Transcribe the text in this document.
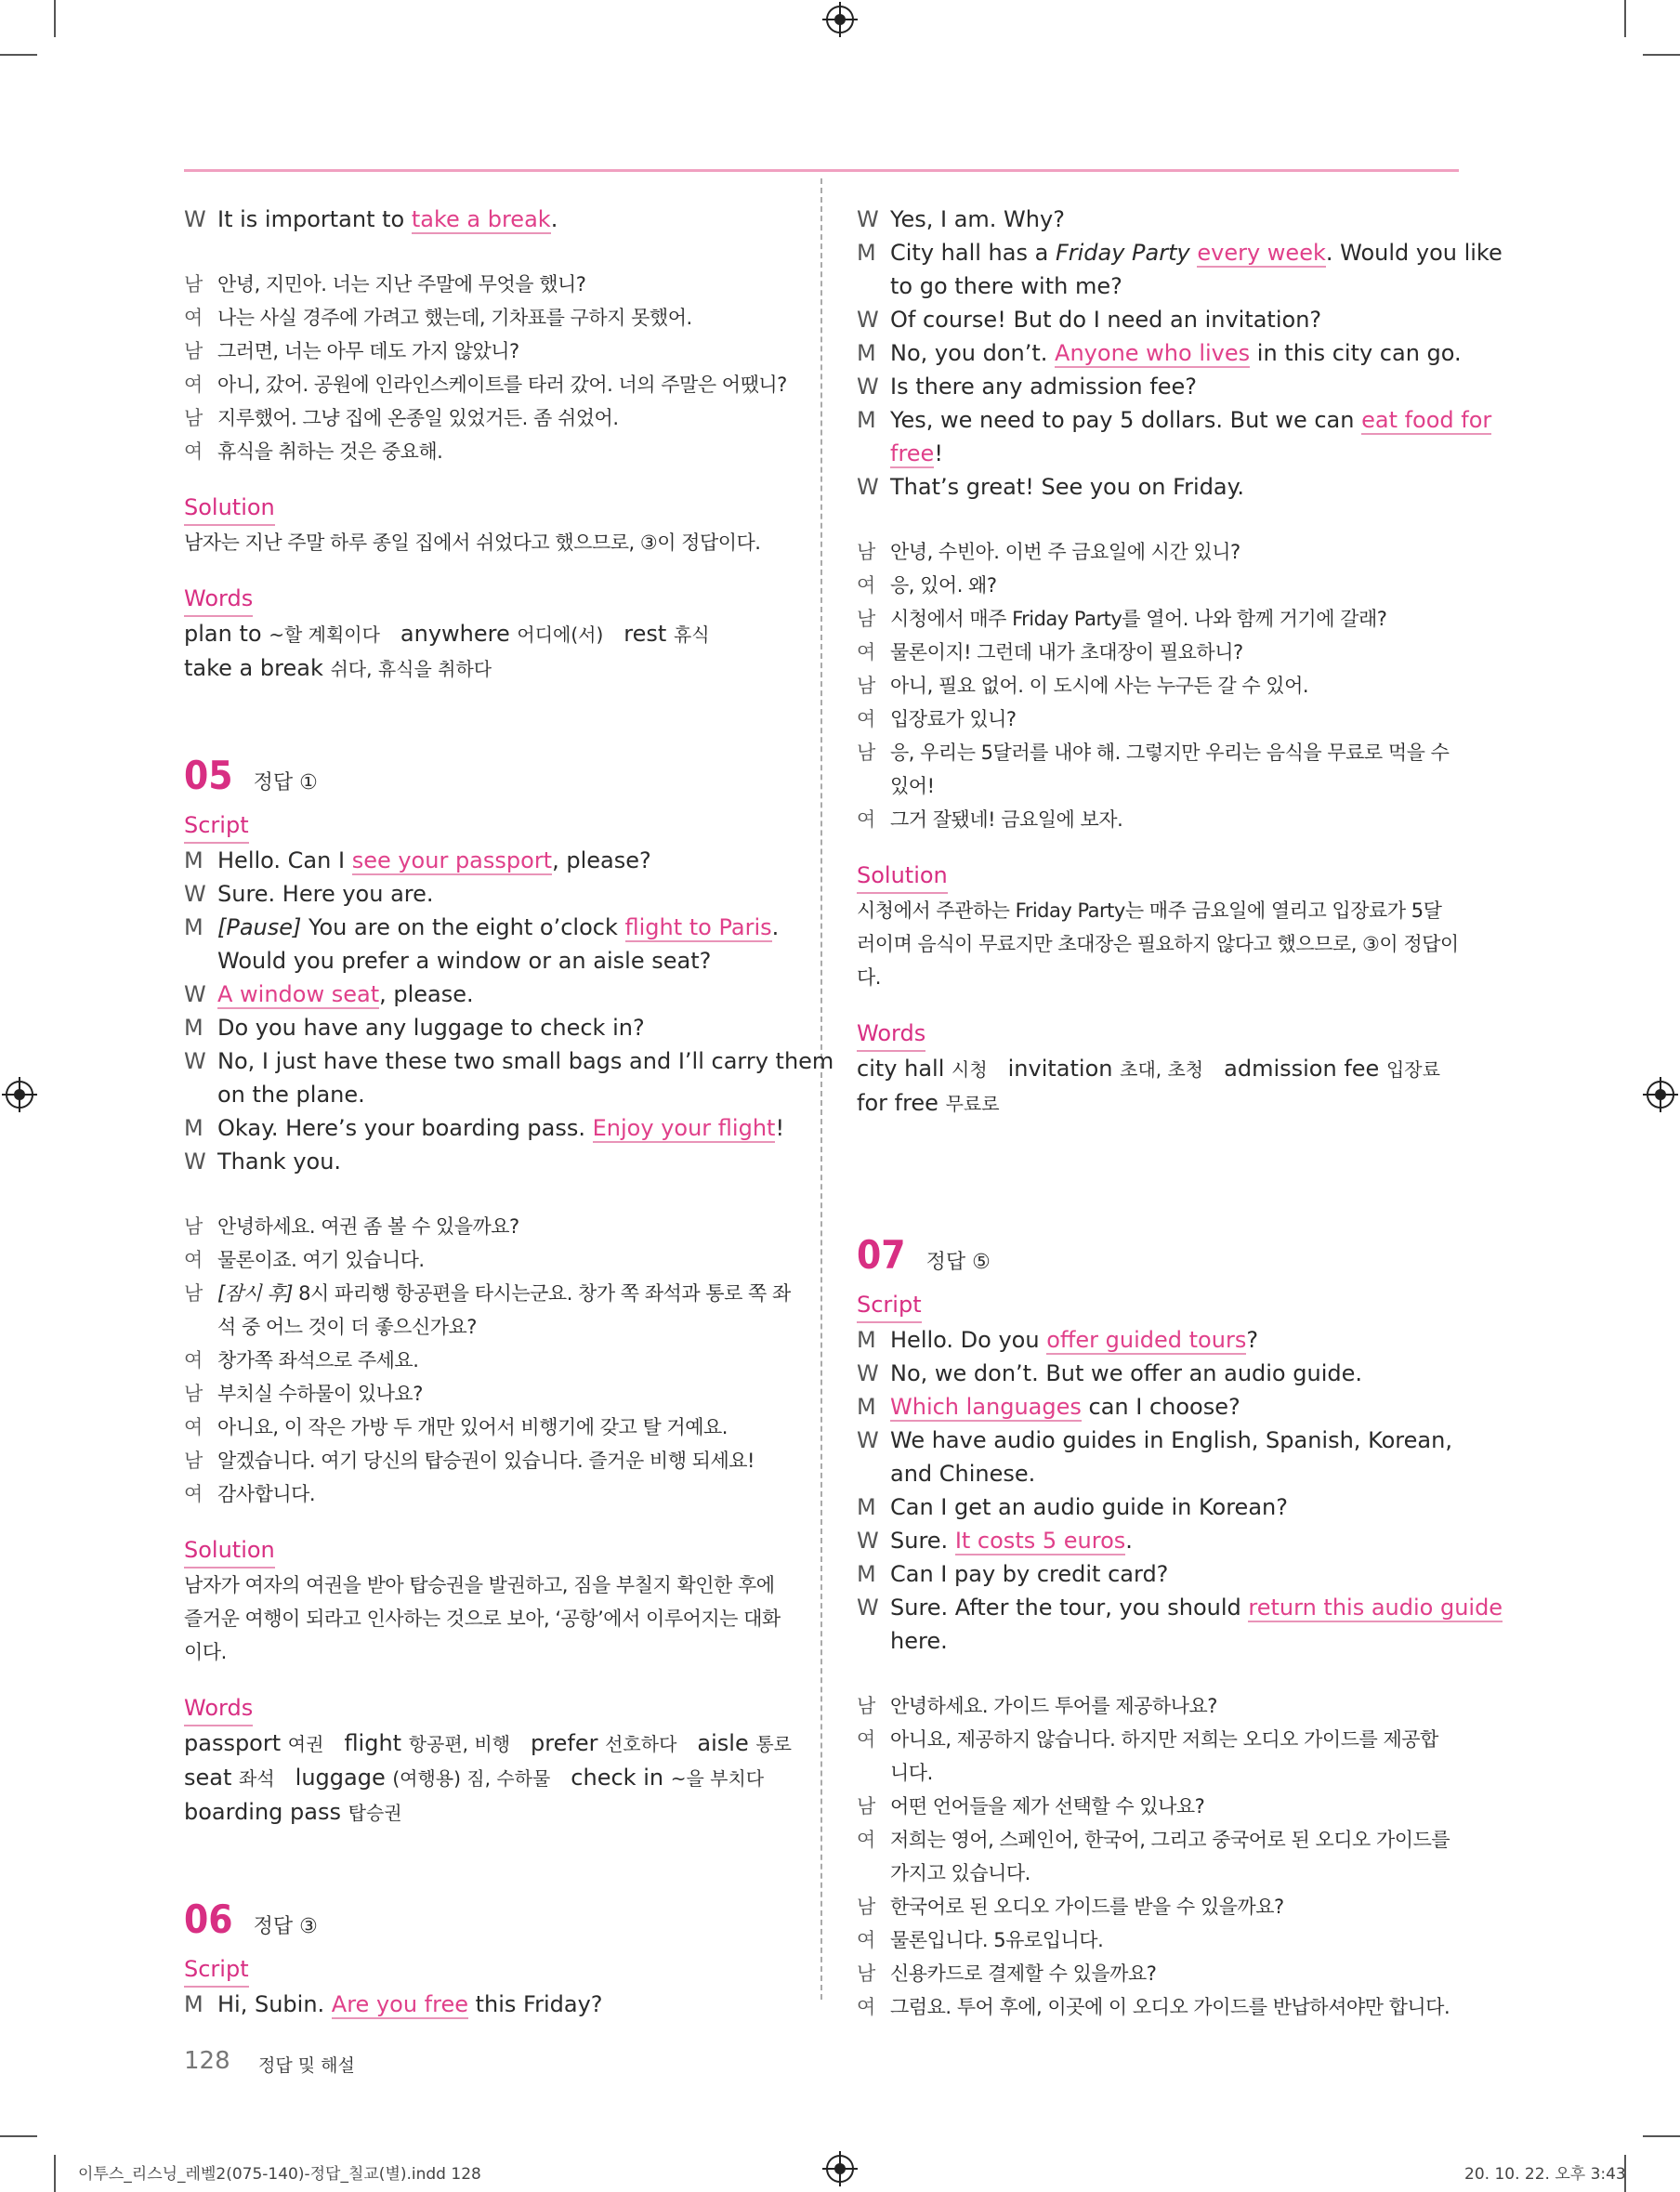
W It is important to take a break.
남 안녕, 지민아. 너는 지난 주말에 무엇을 했니?
여 나는 사실 경주에 가려고 했는데, 기차표를 구하지 못했어.
남 그러면, 너는 아무 데도 가지 않았니?
여 아니, 갔어. 공원에 인라인스케이트를 타러 갔어. 너의 주말은 어땠니?
남 지루했어. 그냥 집에 온종일 있었거든. 좀 쉬었어.
여 휴식을 취하는 것은 중요해.
Solution
남자는 지난 주말 하루 종일 집에서 쉬었다고 했으므로, ③이 정답이다.
Words
plan to ~할 계획이다 anywhere 어디에(서) rest 휴식
take a break 쉬다, 휴식을 취하다
05 정답 ①
Script
M Hello. Can I see your passport, please?
W Sure. Here you are.
M [Pause] You are on the eight o’clock flight to Paris.
Would you prefer a window or an aisle seat?
W A window seat, please.
M Do you have any luggage to check in?
W No, I just have these two small bags and I’ll carry them
on the plane.
M Okay. Here’s your boarding pass. Enjoy your flight!
W Thank you.
남 안녕하세요. 여권 좀 볼 수 있을까요?
여 물론이죠. 여기 있습니다.
남 [잠시 후] 8시 파리행 항공편을 타시는군요. 창가 쪽 좌석과 통로 쪽 좌
석 중 어느 것이 더 좋으신가요?
여 창가쪽 좌석으로 주세요.
남 부치실 수하물이 있나요?
여 아니요, 이 작은 가방 두 개만 있어서 비행기에 갖고 탈 거예요.
남 알겠습니다. 여기 당신의 탑승권이 있습니다. 즐거운 비행 되세요!
여 감사합니다.
Solution
남자가 여자의 여권을 받아 탑승권을 발권하고, 짐을 부칠지 확인한 후에
즐거운 여행이 되라고 인사하는 것으로 보아, ‘공항’에서 이루어지는 대화
이다.
Words
passport 여권 flight 항공편, 비행 prefer 선호하다 aisle 통로
seat 좌석 luggage (여행용) 짐, 수하물 check in ~을 부치다
boarding pass 탑승권
06 정답 ③
Script
M Hi, Subin. Are you free this Friday?
W Yes, I am. Why?
M City hall has a Friday Party every week. Would you like
to go there with me?
W Of course! But do I need an invitation?
M No, you don’t. Anyone who lives in this city can go.
W Is there any admission fee?
M Yes, we need to pay 5 dollars. But we can eat food for
free!
W That’s great! See you on Friday.
남 안녕, 수빈아. 이번 주 금요일에 시간 있니?
여 응, 있어. 왜?
남 시청에서 매주 Friday Party를 열어. 나와 함께 거기에 갈래?
여 물론이지! 그런데 내가 초대장이 필요하니?
남 아니, 필요 없어. 이 도시에 사는 누구든 갈 수 있어.
여 입장료가 있니?
남 응, 우리는 5달러를 내야 해. 그렇지만 우리는 음식을 무료로 먹을 수
있어!
여 그거 잘됐네! 금요일에 보자.
Solution
시청에서 주관하는 Friday Party는 매주 금요일에 열리고 입장료가 5달
러이며 음식이 무료지만 초대장은 필요하지 않다고 했으므로, ③이 정답이
다.
Words
city hall 시청 invitation 초대, 초청 admission fee 입장료
for free 무료로
07 정답 ⑤
Script
M Hello. Do you offer guided tours?
W No, we don’t. But we offer an audio guide.
M Which languages can I choose?
W We have audio guides in English, Spanish, Korean,
and Chinese.
M Can I get an audio guide in Korean?
W Sure. It costs 5 euros.
M Can I pay by credit card?
W Sure. After the tour, you should return this audio guide
here.
남 안녕하세요. 가이드 투어를 제공하나요?
여 아니요, 제공하지 않습니다. 하지만 저희는 오디오 가이드를 제공합
니다.
남 어떤 언어들을 제가 선택할 수 있나요?
여 저희는 영어, 스페인어, 한국어, 그리고 중국어로 된 오디오 가이드를
가지고 있습니다.
남 한국어로 된 오디오 가이드를 받을 수 있을까요?
여 물론입니다. 5유로입니다.
남 신용카드로 결제할 수 있을까요?
여 그럼요. 투어 후에, 이곳에 이 오디오 가이드를 반납하셔야만 합니다.
128 정답 및 해설
이투스_리스닝_레벨2(075-140)-정답_칠교(별).indd 128	20. 10. 22. 오후 3:43
